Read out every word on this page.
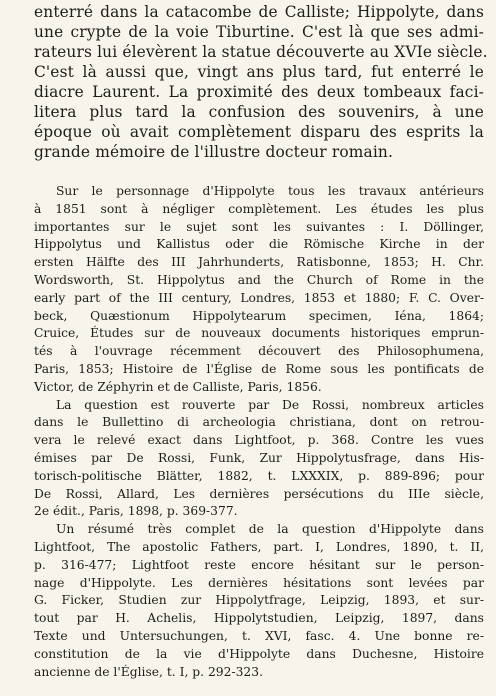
enterré dans la catacombe de Calliste; Hippolyte, dans
une crypte de la voie Tiburtine. C'est là que ses admi-
rateurs lui élevèrent la statue découverte au XVIe siècle.
C'est là aussi que, vingt ans plus tard, fut enterré le
diacre Laurent. La proximité des deux tombeaux faci-
litera plus tard la confusion des souvenirs, à une
époque où avait complètement disparu des esprits la
grande mémoire de l'illustre docteur romain.
Sur le personnage d'Hippolyte tous les travaux antérieurs
à 1851 sont à négliger complètement. Les études les plus
importantes sur le sujet sont les suivantes : I. Döllinger,
Hippolytus und Kallistus oder die Römische Kirche in der
ersten Hälfte des III Jahrhunderts, Ratisbonne, 1853; H. Chr.
Wordsworth, St. Hippolytus and the Church of Rome in the
early part of the III century, Londres, 1853 et 1880; F. C. Over-
beck, Quæstionum Hippolytearum specimen, Iéna, 1864;
Cruice, Études sur de nouveaux documents historiques emprun-
tés à l'ouvrage récemment découvert des Philosophumena,
Paris, 1853; Histoire de l'Église de Rome sous les pontificats de
Victor, de Zéphyrin et de Calliste, Paris, 1856.
La question est rouverte par De Rossi, nombreux articles
dans le Bullettino di archeologia christiana, dont on retrou-
vera le relevé exact dans Lightfoot, p. 368. Contre les vues
émises par De Rossi, Funk, Zur Hippolytusfrage, dans His-
torisch-politische Blätter, 1882, t. LXXXIX, p. 889-896; pour
De Rossi, Allard, Les dernières persécutions du IIIe siècle,
2e édit., Paris, 1898, p. 369-377.
Un résumé très complet de la question d'Hippolyte dans
Lightfoot, The apostolic Fathers, part. I, Londres, 1890, t. II,
p. 316-477; Lightfoot reste encore hésitant sur le person-
nage d'Hippolyte. Les dernières hésitations sont levées par
G. Ficker, Studien zur Hippolytfrage, Leipzig, 1893, et sur-
tout par H. Achelis, Hippolytstudien, Leipzig, 1897, dans
Texte und Untersuchungen, t. XVI, fasc. 4. Une bonne re-
constitution de la vie d'Hippolyte dans Duchesne, Histoire
ancienne de l'Église, t. I, p. 292-323.
